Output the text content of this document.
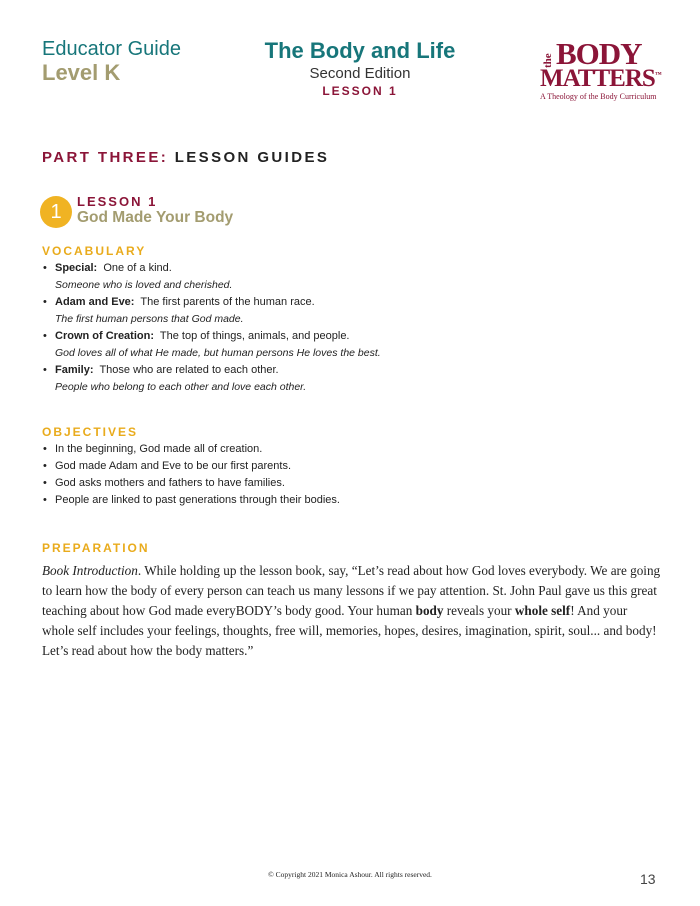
Educator Guide
Level K
The Body and Life
Second Edition
LESSON 1
the BODY
MATTERS™
A Theology of the Body Curriculum
PART THREE: LESSON GUIDES
1	LESSON 1
God Made Your Body
VOCABULARY
• Special: One of a kind.
Someone who is loved and cherished.
• Adam and Eve: The first parents of the human race.
The first human persons that God made.
• Crown of Creation: The top of things, animals, and people.
God loves all of what He made, but human persons He loves the best.
• Family: Those who are related to each other.
People who belong to each other and love each other.
OBJECTIVES
• In the beginning, God made all of creation.
• God made Adam and Eve to be our first parents.
• God asks mothers and fathers to have families.
• People are linked to past generations through their bodies.
PREPARATION
Book Introduction. While holding up the lesson book, say, “Let’s read about how God loves everybody. We are going to learn how the body of every person can teach us many lessons if we pay attention. St. John Paul gave us this great teaching about how God made everyBODY’s body good. Your human body reveals your whole self! And your whole self includes your feelings, thoughts, free will, memories, hopes, desires, imagination, spirit, soul... and body! Let’s read about how the body matters.”
© Copyright 2021 Monica Ashour. All rights reserved.	13
